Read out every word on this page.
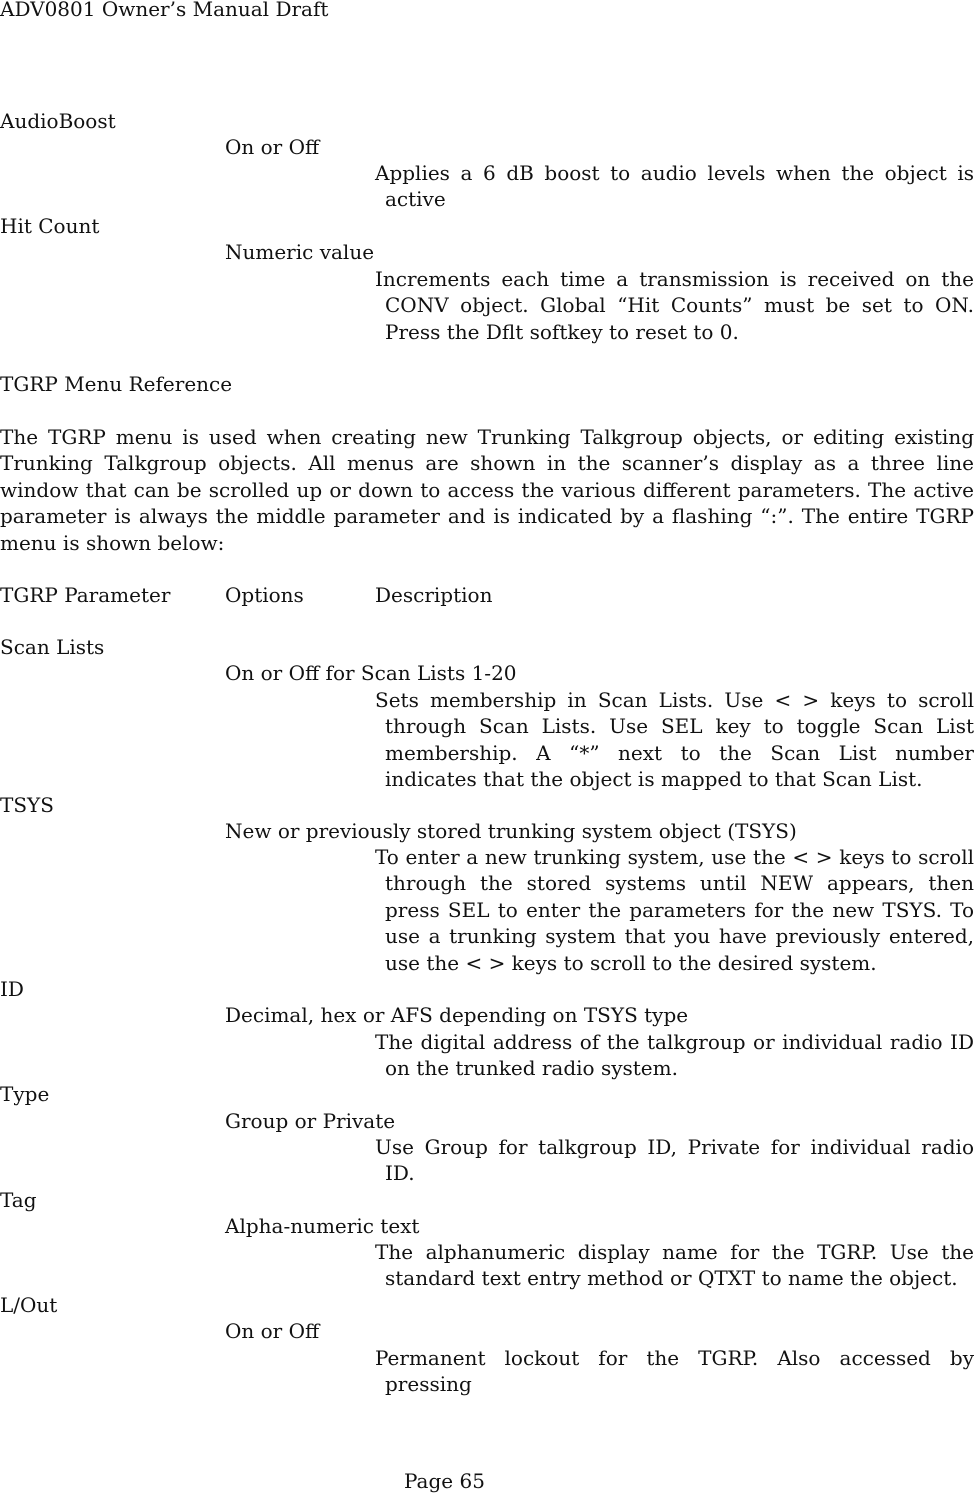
ADV0801 Owner’s Manual Draft
AudioBoost
On or Off
Applies a 6 dB boost to audio levels when the object is active
Hit Count
Numeric value
Increments each time a transmission is received on the CONV object. Global “Hit Counts” must be set to ON. Press the Dflt softkey to reset to 0.
TGRP Menu Reference
The TGRP menu is used when creating new Trunking Talkgroup objects, or editing existing Trunking Talkgroup objects. All menus are shown in the scanner’s display as a three line window that can be scrolled up or down to access the various different parameters. The active parameter is always the middle parameter and is indicated by a flashing “:”. The entire TGRP menu is shown below:
TGRP Parameter	Options	Description
Scan Lists
On or Off for Scan Lists 1-20
Sets membership in Scan Lists. Use < > keys to scroll through Scan Lists. Use SEL key to toggle Scan List membership. A “*” next to the Scan List number indicates that the object is mapped to that Scan List.
TSYS
New or previously stored trunking system object (TSYS)
To enter a new trunking system, use the < > keys to scroll through the stored systems until NEW appears, then press SEL to enter the parameters for the new TSYS. To use a trunking system that you have previously entered, use the < > keys to scroll to the desired system.
ID
Decimal, hex or AFS depending on TSYS type
The digital address of the talkgroup or individual radio ID on the trunked radio system.
Type
Group or Private
Use Group for talkgroup ID, Private for individual radio ID.
Tag
Alpha-numeric text
The alphanumeric display name for the TGRP. Use the standard text entry method or QTXT to name the object.
L/Out
On or Off
Permanent lockout for the TGRP. Also accessed by pressing
Page 65
